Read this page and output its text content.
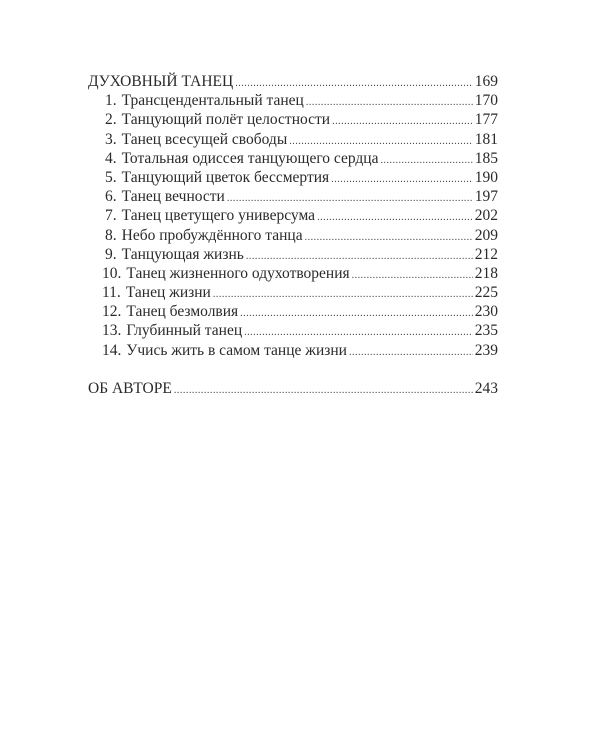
ДУХОВНЫЙ ТАНЕЦ .....	169
1. Трансцендентальный танец .....	170
2. Танцующий полёт целостности .....	177
3. Танец всесущей свободы .....	181
4. Тотальная одиссея танцующего сердца .....	185
5. Танцующий цветок бессмертия .....	190
6. Танец вечности .....	197
7. Танец цветущего универсума .....	202
8. Небо пробуждённого танца .....	209
9. Танцующая жизнь .....	212
10. Танец жизненного одухотворения .....	218
11. Танец жизни .....	225
12. Танец безмолвия .....	230
13. Глубинный танец .....	235
14. Учись жить в самом танце жизни .....	239
ОБ АВТОРЕ .....	243
